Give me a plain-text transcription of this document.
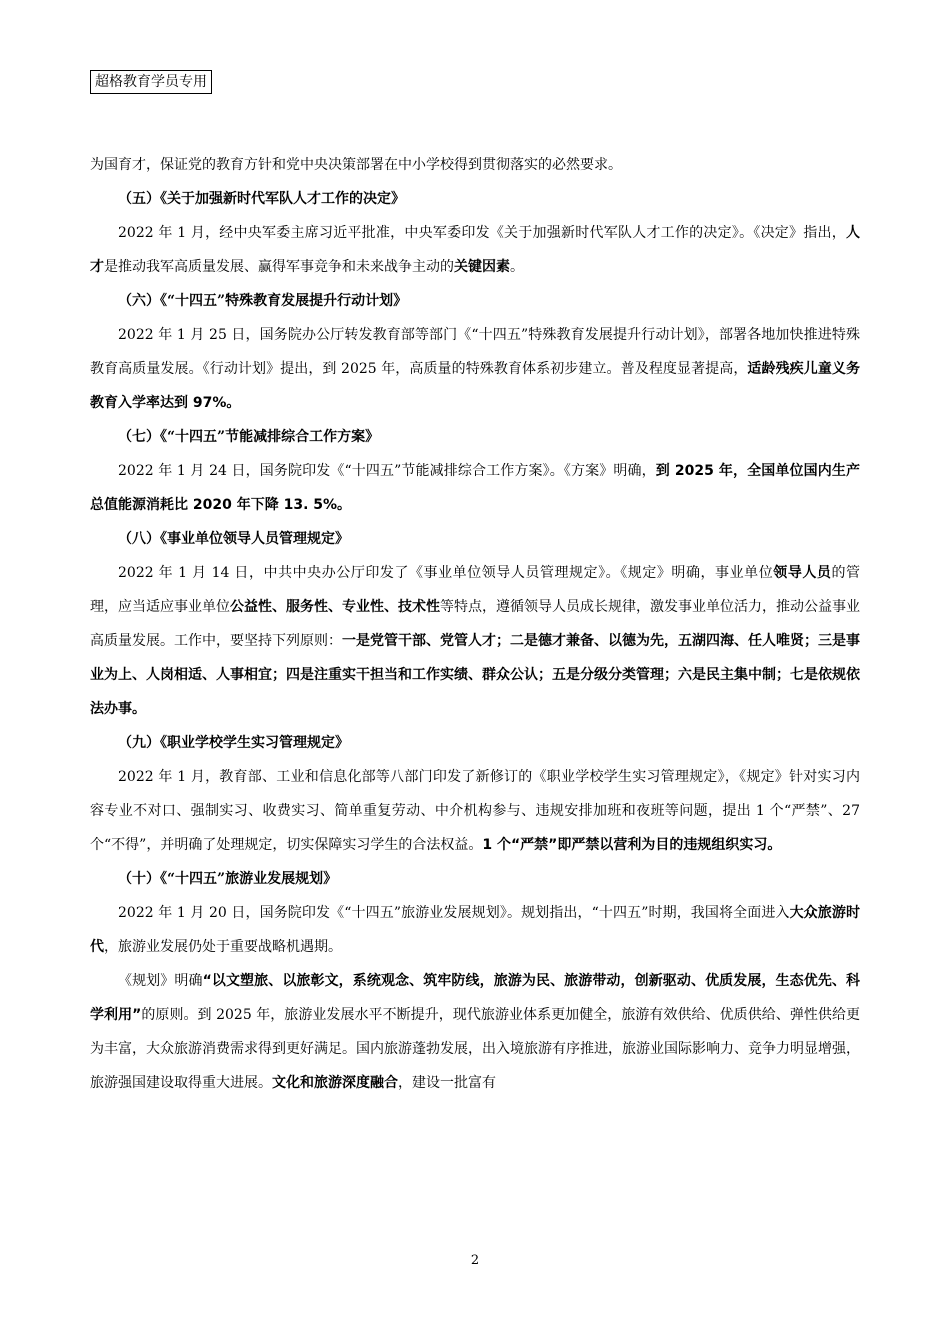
超格教育学员专用

为国育才，保证党的教育方针和党中央决策部署在中小学校得到贯彻落实的必然要求。

（五）《关于加强新时代军队人才工作的决定》

2022 年 1 月，经中央军委主席习近平批准，中央军委印发《关于加强新时代军队人才工作的决定》。《决定》指出，人才是推动我军高质量发展、赢得军事竞争和未来战争主动的关键因素。

（六）《“十四五”特殊教育发展提升行动计划》

2022 年 1 月 25 日，国务院办公厅转发教育部等部门《“十四五”特殊教育发展提升行动计划》，部署各地加快推进特殊教育高质量发展。《行动计划》提出，到 2025 年，高质量的特殊教育体系初步建立。普及程度显著提高，适龄残疾儿童义务教育入学率达到 97%。

（七）《“十四五”节能减排综合工作方案》

2022 年 1 月 24 日，国务院印发《“十四五”节能减排综合工作方案》。《方案》明确，到 2025 年，全国单位国内生产总值能源消耗比 2020 年下降 13. 5%。

（八）《事业单位领导人员管理规定》

2022 年 1 月 14 日，中共中央办公厅印发了《事业单位领导人员管理规定》。《规定》明确，事业单位领导人员的管理，应当适应事业单位公益性、服务性、专业性、技术性等特点，遵循领导人员成长规律，激发事业单位活力，推动公益事业高质量发展。工作中，要坚持下列原则：一是党管干部、党管人才；二是德才兼备、以德为先，五湖四海、任人唯贤；三是事业为上、人岗相适、人事相宜；四是注重实干担当和工作实绩、群众公认；五是分级分类管理；六是民主集中制；七是依规依法办事。

（九）《职业学校学生实习管理规定》

2022 年 1 月，教育部、工业和信息化部等八部门印发了新修订的《职业学校学生实习管理规定》，《规定》针对实习内容专业不对口、强制实习、收费实习、简单重复劳动、中介机构参与、违规安排加班和夜班等问题，提出 1 个“严禁”、27 个“不得”，并明确了处理规定，切实保障实习学生的合法权益。1 个“严禁”即严禁以营利为目的违规组织实习。

（十）《“十四五”旅游业发展规划》

2022 年 1 月 20 日，国务院印发《“十四五”旅游业发展规划》。规划指出，“十四五”时期，我国将全面进入大众旅游时代，旅游业发展仍处于重要战略机遇期。

《规划》明确“以文塑旅、以旅彰文，系统观念、筑牢防线，旅游为民、旅游带动，创新驱动、优质发展，生态优先、科学利用”的原则。到 2025 年，旅游业发展水平不断提升，现代旅游业体系更加健全，旅游有效供给、优质供给、弹性供给更为丰富，大众旅游消费需求得到更好满足。国内旅游蓬勃发展，出入境旅游有序推进，旅游业国际影响力、竞争力明显增强，旅游强国建设取得重大进展。文化和旅游深度融合，建设一批富有

2
